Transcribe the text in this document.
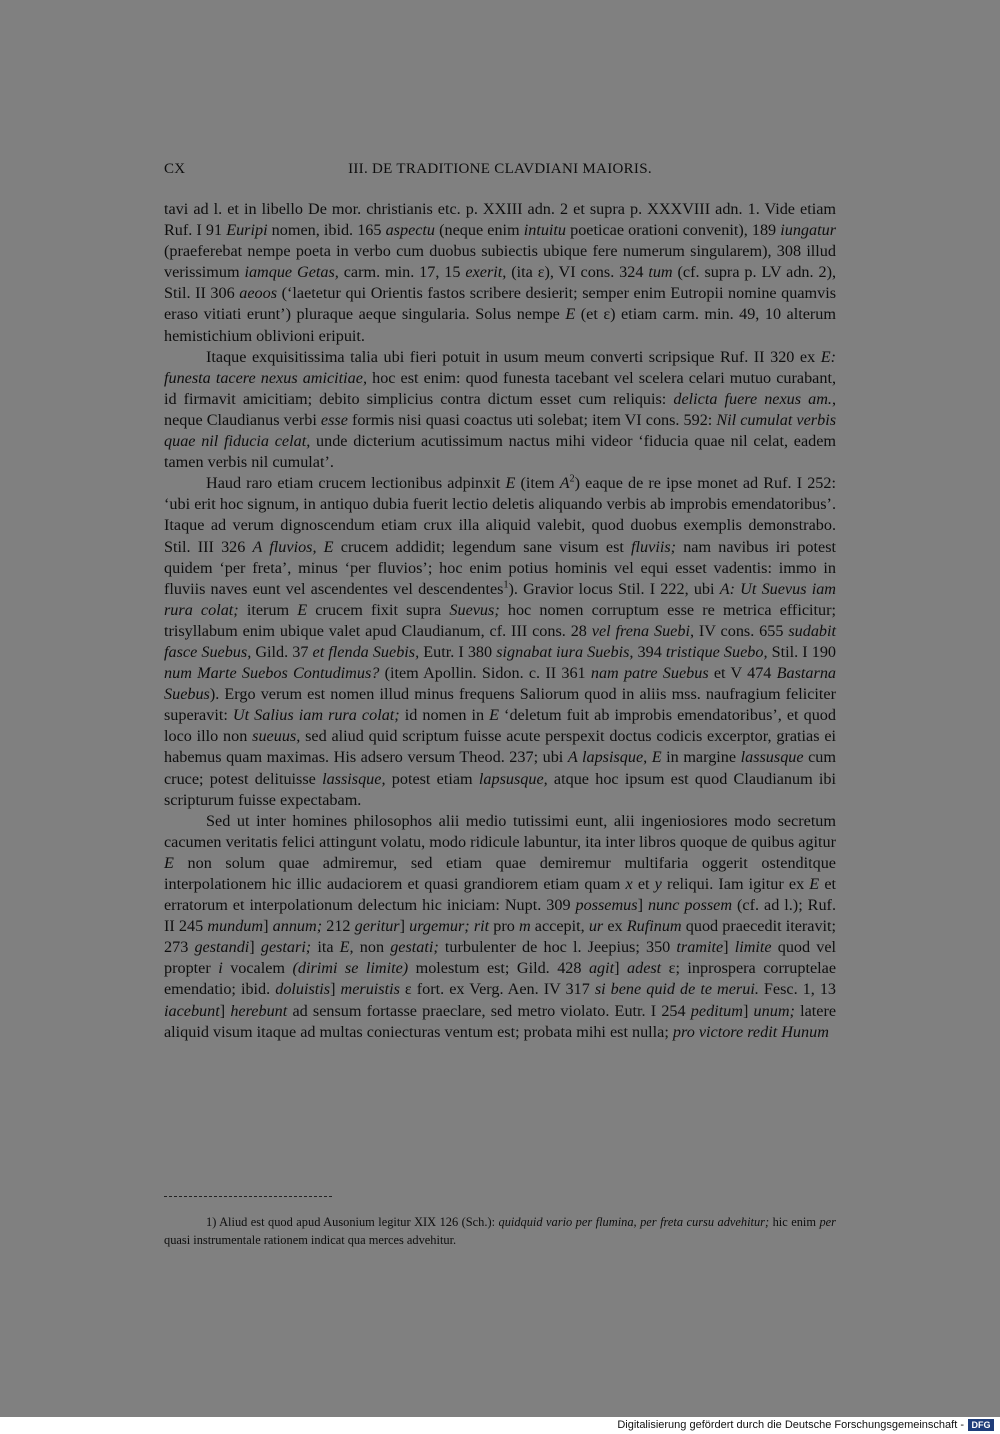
CX	III. DE TRADITIONE CLAVDIANI MAIORIS.

tavi ad l. et in libello De mor. christianis etc. p. XXIII adn. 2 et supra p. XXXVIII adn. 1. Vide etiam Ruf. I 91 Euripi nomen, ibid. 165 aspectu (neque enim intuitu poeticae orationi convenit), 189 iungatur (praeferebat nempe poeta in verbo cum duobus subiectis ubique fere numerum singularem), 308 illud verissimum iamque Getas, carm. min. 17, 15 exerit, (ita ε), VI cons. 324 tum (cf. supra p. LV adn. 2), Stil. II 306 aeoos (‘laetetur qui Orientis fastos scribere desierit; semper enim Eutropii nomine quamvis eraso vitiati erunt’) pluraque aeque singularia. Solus nempe E (et ε) etiam carm. min. 49, 10 alterum hemistichium oblivioni eripuit.

Itaque exquisitissima talia ubi fieri potuit in usum meum converti scripsique Ruf. II 320 ex E: funesta tacere nexus amicitiae, hoc est enim: quod funesta tacebant vel scelera celari mutuo curabant, id firmavit amicitiam; debito simplicius contra dictum esset cum reliquis: delicta fuere nexus am., neque Claudianus verbi esse formis nisi quasi coactus uti solebat; item VI cons. 592: Nil cumulat verbis quae nil fiducia celat, unde dicterium acutissimum nactus mihi videor ‘fiducia quae nil celat, eadem tamen verbis nil cumulat’.

Haud raro etiam crucem lectionibus adpinxit E (item $A^2$) eaque de re ipse monet ad Ruf. I 252: ‘ubi erit hoc signum, in antiquo dubia fuerit lectio deletis aliquando verbis ab improbis emendatoribus’. Itaque ad verum dignoscendum etiam crux illa aliquid valebit, quod duobus exemplis demonstrabo. Stil. III 326 A fluvios, E crucem addidit; legendum sane visum est fluviis; nam navibus iri potest quidem ‘per freta’, minus ‘per fluvios’; hoc enim potius hominis vel equi esset vadentis: immo in fluviis naves eunt vel ascendentes vel descendentes$^1$). Gravior locus Stil. I 222, ubi A: Ut Suevus iam rura colat; iterum E crucem fixit supra Suevus; hoc nomen corruptum esse re metrica efficitur; trisyllabum enim ubique valet apud Claudianum, cf. III cons. 28 vel frena Suebi, IV cons. 655 sudabit fasce Suebus, Gild. 37 et flenda Suebis, Eutr. I 380 signabat iura Suebis, 394 tristique Suebo, Stil. I 190 num Marte Suebos Contudimus? (item Apollin. Sidon. c. II 361 nam patre Suebus et V 474 Bastarna Suebus). Ergo verum est nomen illud minus frequens Saliorum quod in aliis mss. naufragium feliciter superavit: Ut Salius iam rura colat; id nomen in E ‘deletum fuit ab improbis emendatoribus’, et quod loco illo non sueuus, sed aliud quid scriptum fuisse acute perspexit doctus codicis excerptor, gratias ei habemus quam maximas. His adsero versum Theod. 237; ubi A lapsisque, E in margine lassusque cum cruce; potest delituisse lassisque, potest etiam lapsusque, atque hoc ipsum est quod Claudianum ibi scripturum fuisse expectabam.

Sed ut inter homines philosophos alii medio tutissimi eunt, alii ingeniosiores modo secretum cacumen veritatis felici attingunt volatu, modo ridicule labuntur, ita inter libros quoque de quibus agitur E non solum quae admiremur, sed etiam quae demiremur multifaria oggerit ostenditque interpolationem hic illic audaciorem et quasi grandiorem etiam quam x et y reliqui. Iam igitur ex E et erratorum et interpolationum delectum hic iniciam: Nupt. 309 possemus] nunc possem (cf. ad l.); Ruf. II 245 mundum] annum; 212 geritur] urgemur; rit pro m accepit, ur ex Rufinum quod praecedit iteravit; 273 gestandi] gestari; ita E, non gestati; turbulenter de hoc l. Jeepius; 350 tramite] limite quod vel propter i vocalem (dirimi se limite) molestum est; Gild. 428 agit] adest ε; inprospera corruptelae emendatio; ibid. doluistis] meruistis ε fort. ex Verg. Aen. IV 317 si bene quid de te merui. Fesc. 1, 13 iacebunt] herebunt ad sensum fortasse praeclare, sed metro violato. Eutr. I 254 peditum] unum; latere aliquid visum itaque ad multas coniecturas ventum est; probata mihi est nulla; pro victore redit Hunum

1) Aliud est quod apud Ausonium legitur XIX 126 (Sch.): quidquid vario per flumina, per freta cursu advehitur; hic enim per quasi instrumentale rationem indicat qua merces advehitur.

Digitalisierung gefördert durch die Deutsche Forschungsgemeinschaft - DFG
